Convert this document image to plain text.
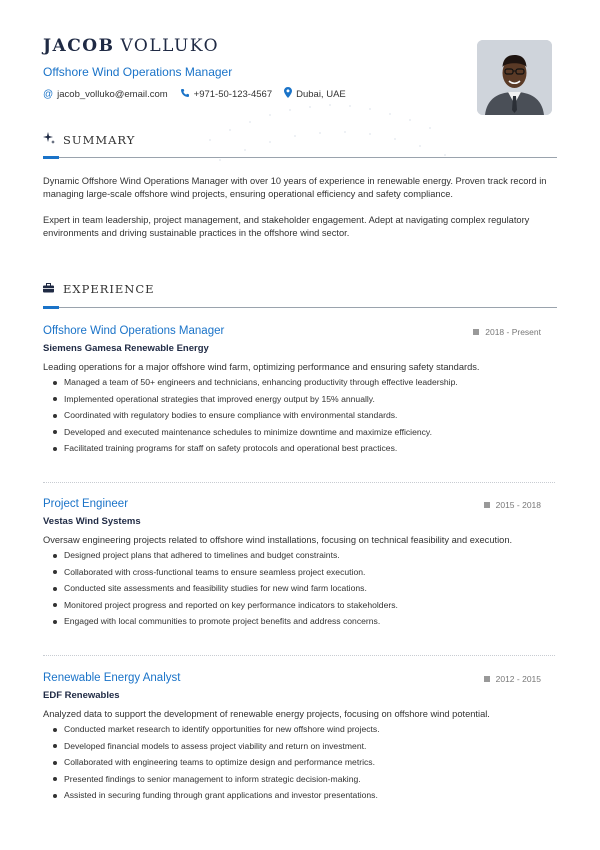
JACOB VOLLUKO
Offshore Wind Operations Manager
@ jacob_volluko@email.com	+971-50-123-4567	Dubai, UAE
SUMMARY

Dynamic Offshore Wind Operations Manager with over 10 years of experience in renewable energy. Proven track record in managing large-scale offshore wind projects, ensuring operational efficiency and safety compliance.

Expert in team leadership, project management, and stakeholder engagement. Adept at navigating complex regulatory environments and driving sustainable practices in the offshore wind sector.

EXPERIENCE
Offshore Wind Operations Manager	2018 - Present
Siemens Gamesa Renewable Energy
Leading operations for a major offshore wind farm, optimizing performance and ensuring safety standards.
Managed a team of 50+ engineers and technicians, enhancing productivity through effective leadership.
Implemented operational strategies that improved energy output by 15% annually.
Coordinated with regulatory bodies to ensure compliance with environmental standards.
Developed and executed maintenance schedules to minimize downtime and maximize efficiency.
Facilitated training programs for staff on safety protocols and operational best practices.
Project Engineer	2015 - 2018
Vestas Wind Systems
Oversaw engineering projects related to offshore wind installations, focusing on technical feasibility and execution.
Designed project plans that adhered to timelines and budget constraints.
Collaborated with cross-functional teams to ensure seamless project execution.
Conducted site assessments and feasibility studies for new wind farm locations.
Monitored project progress and reported on key performance indicators to stakeholders.
Engaged with local communities to promote project benefits and address concerns.
Renewable Energy Analyst	2012 - 2015
EDF Renewables
Analyzed data to support the development of renewable energy projects, focusing on offshore wind potential.
Conducted market research to identify opportunities for new offshore wind projects.
Developed financial models to assess project viability and return on investment.
Collaborated with engineering teams to optimize design and performance metrics.
Presented findings to senior management to inform strategic decision-making.
Assisted in securing funding through grant applications and investor presentations.
